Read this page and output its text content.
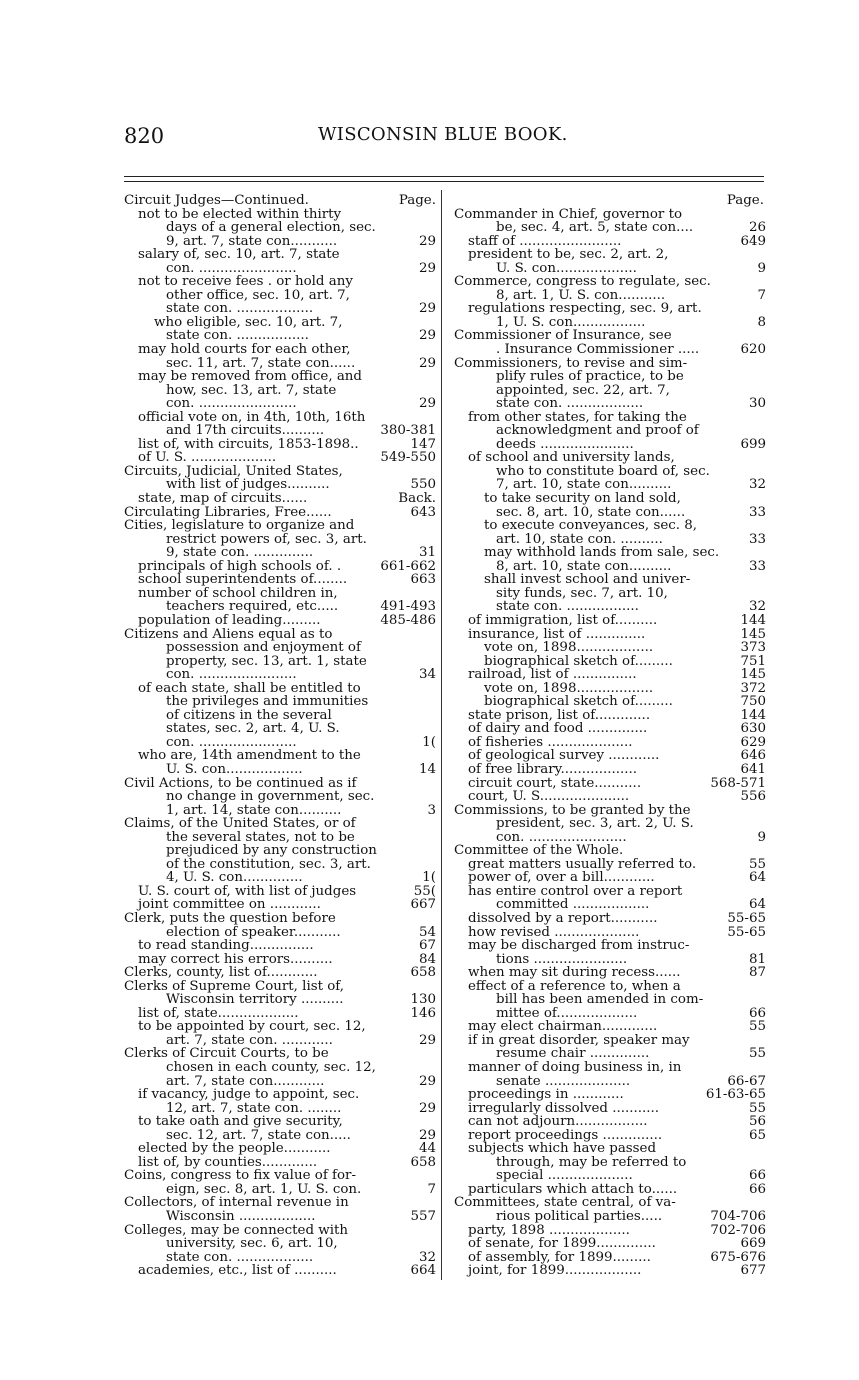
820	WISCONSIN BLUE BOOK.
Circuit Judges—Continued.	Page.
not to be elected within thirty
days of a general election, sec.
9, art. 7, state con...........	29
salary of, sec. 10, art. 7, state
con. .......................	29
not to receive fees . or hold any
other office, sec. 10, art. 7,
state con. ..................	29
who eligible, sec. 10, art. 7,
state con. .................	29
may hold courts for each other,
sec. 11, art. 7, state con......	29
may be removed from office, and
how, sec. 13, art. 7, state
con. .......................	29
official vote on, in 4th, 10th, 16th
and 17th circuits..........	380-381
list of, with circuits, 1853-1898..	147
of U. S. ....................	549-550
Circuits, Judicial, United States,
with list of judges..........	550
state, map of circuits......	Back.
Circulating Libraries, Free......	643
Cities, legislature to organize and
restrict powers of, sec. 3, art.
9, state con. ..............	31
principals of high schools of. .	661-662
school superintendents of........	663
number of school children in,
teachers required, etc.....	491-493
population of leading.........	485-486
Citizens and Aliens equal as to
possession and enjoyment of
property, sec. 13, art. 1, state
con. .......................	34
of each state, shall be entitled to
the privileges and immunities
of citizens in the several
states, sec. 2, art. 4, U. S.
con. .......................	1(
who are, 14th amendment to the
U. S. con..................	14
Civil Actions, to be continued as if
no change in government, sec.
1, art. 14, state con..........	3
Claims, of the United States, or of
the several states, not to be
prejudiced by any construction
of the constitution, sec. 3, art.
4, U. S. con..............	1(
U. S. court of, with list of judges	55(
joint committee on ............	667
Clerk, puts the question before
election of speaker...........	54
to read standing...............	67
may correct his errors..........	84
Clerks, county, list of............	658
Clerks of Supreme Court, list of,
Wisconsin territory ..........	130
list of, state...................	146
to be appointed by court, sec. 12,
art. 7, state con. ............	29
Clerks of Circuit Courts, to be
chosen in each county, sec. 12,
art. 7, state con............	29
if vacancy, judge to appoint, sec.
12, art. 7, state con. ........	29
to take oath and give security,
sec. 12, art. 7, state con.....	29
elected by the people...........	44
list of, by counties.............	658
Coins, congress to fix value of for-
eign, sec. 8, art. 1, U. S. con.	7
Collectors, of internal revenue in
Wisconsin ..................	557
Colleges, may be connected with
university, sec. 6, art. 10,
state con. ..................	32
academies, etc., list of ..........	664
Page.
Commander in Chief, governor to
be, sec. 4, art. 5, state con....	26
staff of ........................	649
president to be, sec. 2, art. 2,
U. S. con...................	9
Commerce, congress to regulate, sec.
8, art. 1, U. S. con...........	7
regulations respecting, sec. 9, art.
1, U. S. con.................	8
Commissioner of Insurance, see
. Insurance Commissioner .....	620
Commissioners, to revise and sim-
plify rules of practice, to be
appointed, sec. 22, art. 7,
state con. ..................	30
from other states, for taking the
acknowledgment and proof of
deeds ......................	699
of school and university lands,
who to constitute board of, sec.
7, art. 10, state con..........	32
to take security on land sold,
sec. 8, art. 10, state con......	33
to execute conveyances, sec. 8,
art. 10, state con. ..........	33
may withhold lands from sale, sec.
8, art. 10, state con..........	33
shall invest school and univer-
sity funds, sec. 7, art. 10,
state con. .................	32
of immigration, list of..........	144
insurance, list of ..............	145
vote on, 1898..................	373
biographical sketch of.........	751
railroad, list of ...............	145
vote on, 1898..................	372
biographical sketch of.........	750
state prison, list of.............	144
of dairy and food ..............	630
of fisheries ....................	629
of geological survey ............	646
of free library..................	641
circuit court, state...........	568-571
court, U. S.....................	556
Commissions, to be granted by the
president, sec. 3, art. 2, U. S.
con. .......................	9
Committee of the Whole.
great matters usually referred to.	55
power of, over a bill............	64
has entire control over a report
committed ..................	64
dissolved by a report...........	55-65
how revised ....................	55-65
may be discharged from instruc-
tions ......................	81
when may sit during recess......	87
effect of a reference to, when a
bill has been amended in com-
mittee of...................	66
may elect chairman.............	55
if in great disorder, speaker may
resume chair ..............	55
manner of doing business in, in
senate ....................	66-67
proceedings in ............	61-63-65
irregularly dissolved ...........	55
can not adjourn.................	56
report proceedings ..............	65
subjects which have passed
through, may be referred to
special ....................	66
particulars which attach to......	66
Committees, state central, of va-
rious political parties.....	704-706
party, 1898 ...................	702-706
of senate, for 1899..............	669
of assembly, for 1899.........	675-676
joint, for 1899..................	677
